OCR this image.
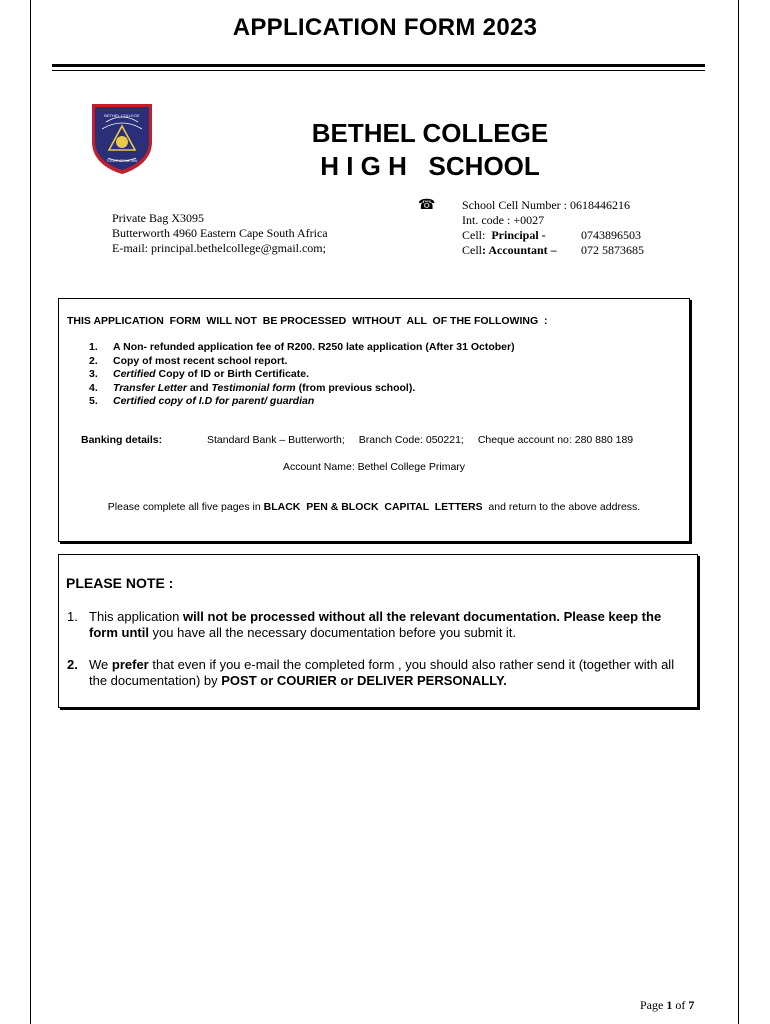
APPLICATION FORM 2023
BETHEL COLLEGE
TOGETHER WE WIN
BETHEL COLLEGE
H I G H   SCHOOL
Private Bag X3095
Butterworth 4960 Eastern Cape South Africa
E-mail: principal.bethelcollege@gmail.com;
☎ School Cell Number : 0618446216
Int. code : +0027
Cell: Principal -	0743896503
Cell: Accountant –	072 5873685
THIS APPLICATION  FORM  WILL NOT  BE PROCESSED  WITHOUT  ALL  OF THE FOLLOWING  :
1.	A Non- refunded application fee of R200. R250 late application (After 31 October)
2.	Copy of most recent school report.
3.	Certified Copy of ID or Birth Certificate.
4.	Transfer Letter and Testimonial form (from previous school).
5.	Certified copy of I.D for parent/ guardian
Banking details:	Standard Bank – Butterworth; Branch Code: 050221; Cheque account no: 280 880 189
Account Name: Bethel College Primary
Please complete all five pages in BLACK  PEN & BLOCK  CAPITAL  LETTERS  and return to the above address.
PLEASE NOTE :
1. This application will not be processed without all the relevant documentation. Please keep the form until you have all the necessary documentation before you submit it.
2. We prefer that even if you e-mail the completed form , you should also rather send it (together with all the documentation) by POST or COURIER or DELIVER PERSONALLY.
Page 1 of 7
